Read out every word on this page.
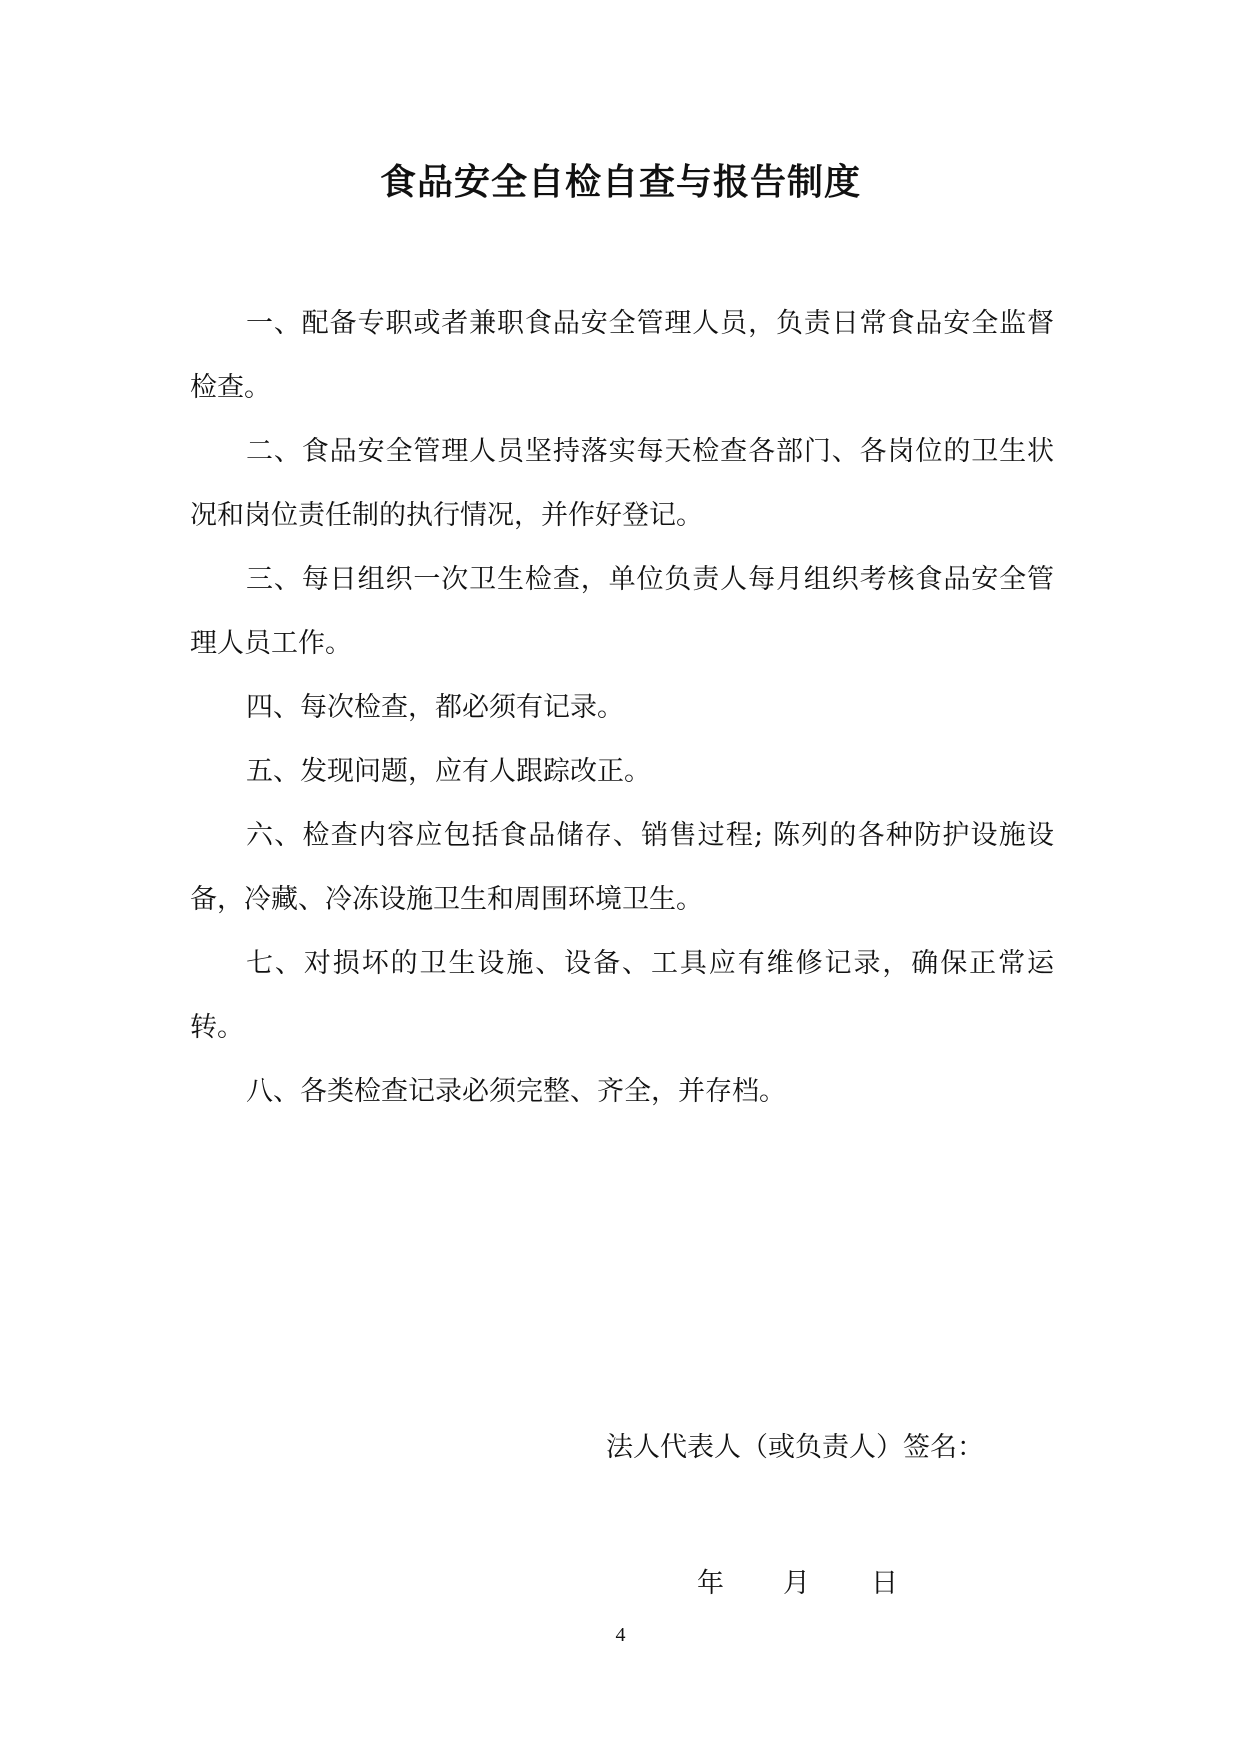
食品安全自检自查与报告制度

一、配备专职或者兼职食品安全管理人员，负责日常食品安全监督检查。

二、食品安全管理人员坚持落实每天检查各部门、各岗位的卫生状况和岗位责任制的执行情况，并作好登记。

三、每日组织一次卫生检查，单位负责人每月组织考核食品安全管理人员工作。

四、每次检查，都必须有记录。

五、发现问题，应有人跟踪改正。

六、检查内容应包括食品储存、销售过程; 陈列的各种防护设施设备，冷藏、冷冻设施卫生和周围环境卫生。

七、对损坏的卫生设施、设备、工具应有维修记录，确保正常运转。

八、各类检查记录必须完整、齐全，并存档。

法人代表人（或负责人）签名：
年 月 日
4
